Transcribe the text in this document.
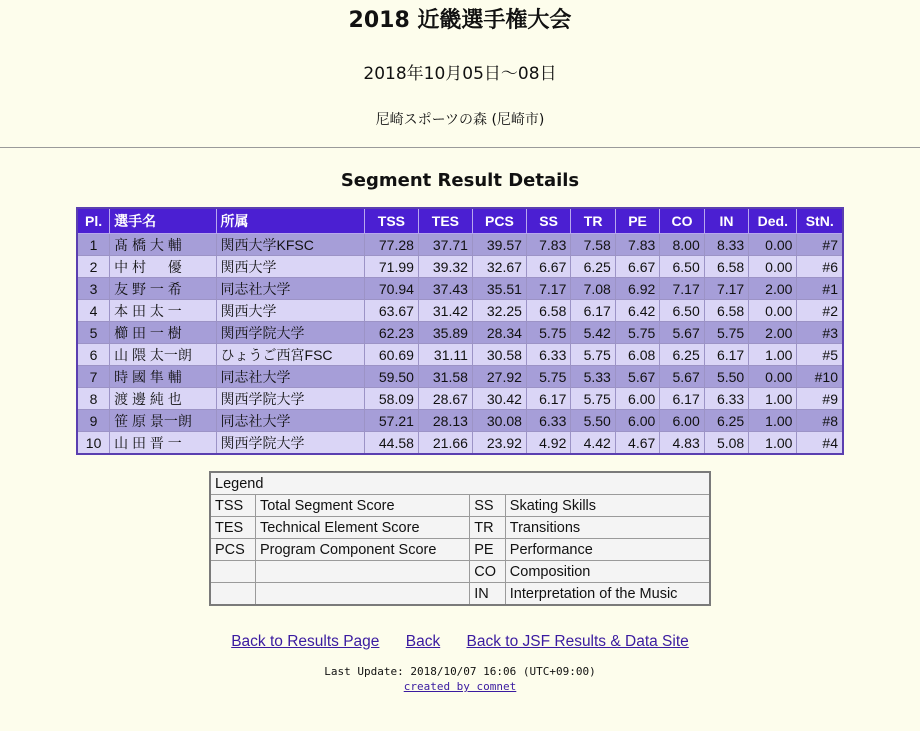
2018 近畿選手権大会

2018年10月05日〜08日

尼崎スポーツの森 (尼崎市)

Segment Result Details
Pl.	選手名	所属	TSS	TES	PCS	SS	TR	PE	CO	IN	Ded.	StN.
1	髙 橋 大 輔	関西大学KFSC	77.28	37.71	39.57	7.83	7.58	7.83	8.00	8.33	0.00	#7
2	中 村 　 優	関西大学	71.99	39.32	32.67	6.67	6.25	6.67	6.50	6.58	0.00	#6
3	友 野 一 希	同志社大学	70.94	37.43	35.51	7.17	7.08	6.92	7.17	7.17	2.00	#1
4	本 田 太 一	関西大学	63.67	31.42	32.25	6.58	6.17	6.42	6.50	6.58	0.00	#2
5	櫛 田 一 樹	関西学院大学	62.23	35.89	28.34	5.75	5.42	5.75	5.67	5.75	2.00	#3
6	山 隈 太一朗	ひょうご西宮FSC	60.69	31.11	30.58	6.33	5.75	6.08	6.25	6.17	1.00	#5
7	時 國 隼 輔	同志社大学	59.50	31.58	27.92	5.75	5.33	5.67	5.67	5.50	0.00	#10
8	渡 邊 純 也	関西学院大学	58.09	28.67	30.42	6.17	5.75	6.00	6.17	6.33	1.00	#9
9	笹 原 景一朗	同志社大学	57.21	28.13	30.08	6.33	5.50	6.00	6.00	6.25	1.00	#8
10	山 田 晋 一	関西学院大学	44.58	21.66	23.92	4.92	4.42	4.67	4.83	5.08	1.00	#4
Legend			
TSS	Total Segment Score	SS	Skating Skills
TES	Technical Element Score	TR	Transitions
PCS	Program Component Score	PE	Performance
		CO	Composition
		IN	Interpretation of the Music
Back to Results Page Back Back to JSF Results & Data Site
Last Update: 2018/10/07 16:06 (UTC+09:00)
created by comnet
